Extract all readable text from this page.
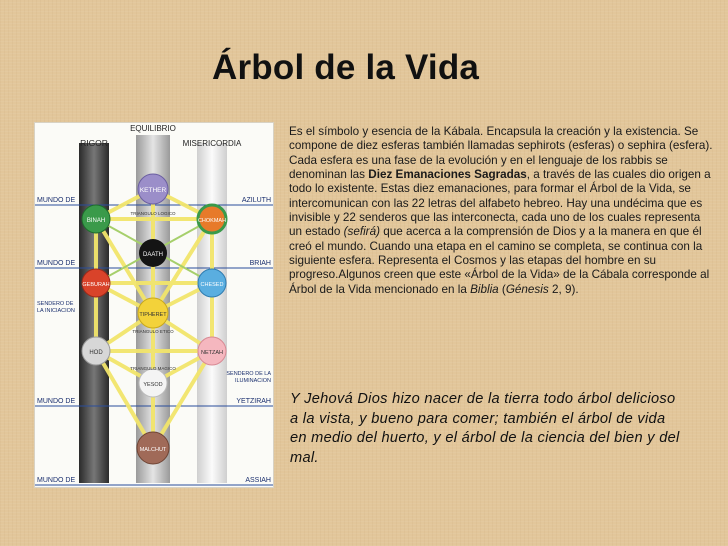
Árbol de la Vida
RIGOR
EQUILIBRIO
MISERICORDIA
KETHER
BINAH	CHOKMAH
DAATH
GEBURAH	CHESED
TIPHERET
HOD	NETZAH
YESOD
MALCHUT
TRIANGULO LOGICO
TRIANGULO ETICO
TRIANGULO MAGICO
MUNDO DE	AZILUTH
MUNDO DE	BRIAH
MUNDO DE	YETZIRAH
MUNDO DE	ASSIAH
SENDERO DE
LA INICIACION
SENDERO DE LA
ILUMINACION

Es el símbolo y esencia de la Kábala. Encapsula la creación y la existencia. Se compone de diez esferas también llamadas sephirots (esferas) o sephira (esfera). Cada esfera es una fase de la evolución y en el lenguaje de los rabbis se denominan las Diez Emanaciones Sagradas, a través de las cuales dio origen a todo lo existente. Estas diez emanaciones, para formar el Árbol de la Vida, se intercomunican con las 22 letras del alfabeto hebreo. Hay una undécima que es invisible y 22 senderos que las interconecta, cada uno de los cuales representa un estado (sefirá) que acerca a la comprensión de Dios y a la manera en que él creó el mundo. Cuando una etapa en el camino se completa, se continua con la siguiente esfera. Representa el Cosmos y las etapas del hombre en su progreso.Algunos creen que este «Árbol de la Vida» de la Cábala corresponde al Árbol de la Vida mencionado en la Biblia (Génesis 2, 9).

Y Jehová Dios hizo nacer de la tierra todo árbol delicioso a la vista, y bueno para comer; también el árbol de vida en medio del huerto, y el árbol de la ciencia del bien y del mal.
